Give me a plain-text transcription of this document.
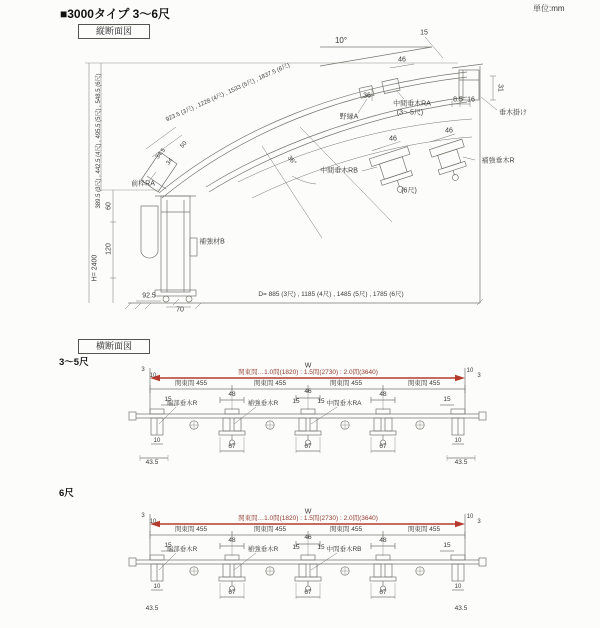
■3000タイプ 3〜6尺	単位:mm
縦断面図
横断面図
3〜5尺
6尺
10°
15
46
36
野縁A
中間垂木RA
(3〜5尺)
8.5 16
31
垂木掛け
46
中間垂木RB
(6尺)
46
補強垂木R
923.5 (3尺) , 1228 (4尺) , 1533 (5尺) , 1837.5 (6尺)
36°
389.5 (3尺) , 442.5 (4尺) , 495.5 (5尺) , 548.5 (6尺)	34.5
34
50
前枠RA
60
120
H= 2400
補強材B
92.5
70
D= 885 (3尺) , 1185 (4尺) , 1485 (5尺) , 1785 (6尺)
W
関東間…1.0間(1820) : 1.5間(2730) : 2.0間(3640)
3
10
10
3
関東間 455	関東間 455	関東間 455	関東間 455
48	46	48
15	15	15	15
端部垂木R	補強垂木R	中間垂木RA
10	10
43.5
67	67	67
43.5
W
関東間…1.0間(1820) : 1.5間(2730) : 2.0間(3640)
3
10
10
3
関東間 455	関東間 455	関東間 455	関東間 455
48	46	48
15	15	15	15
端部垂木R	補強垂木R	中間垂木RB
10	10
43.5
67	67	67
43.5
